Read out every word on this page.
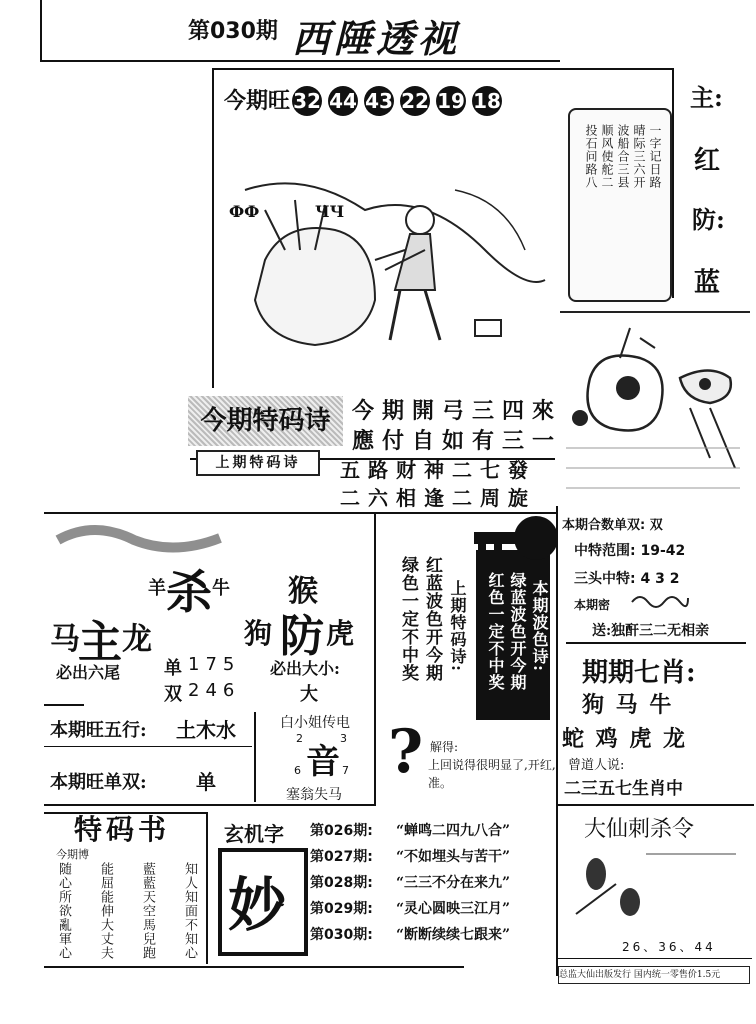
第030期 西陲透视
今期旺 32 44 43 22 19 18
ФФ	ЧЧ
一字记日路
晴际三六开
波船合三县
顺风使舵二
投石问路八
主:
红
防:
蓝
今期特码诗 今期開弓三四來
應付自如有三一
上期特码诗	五路财神二七發
二六相逢二周旋
羊 杀 牛 猴
马
主 龙	狗 防 虎
必出六尾 单 175
双 246
必出大小:
大
本期旺五行: 土木水
本期旺单双: 单
白小姐传电
2	3
音
6	7
塞翁失马
绿色一定不中奖 红蓝波色开今期 上期特码诗: 红色一定不中奖 绿蓝波色开今期 本期波色诗:
? 解得:
上回说得很明显了,开红,准。
本期合数单双: 双
中特范围: 19-42
三头中特: 4 3 2
本期密
送:独酐三二无相亲
期期七肖:
狗 马 牛
蛇 鸡 虎 龙
曾道人说:
二三五七生肖中
特码书
今期博
知人知面不知心
藍藍天空馬兒跑
能屈能伸大丈夫
随心所欲亂軍心
玄机字
妙
第026期: “蝉鸣二四九八合”
第027期: “不如埋头与苦干”
第028期: “三三不分在来九”
第029期: “灵心圆映三江月”
第030期: “断断续续七跟来”
大仙刺杀令
26、36、44
总监大仙出版发行 国内统一零售价1.5元
